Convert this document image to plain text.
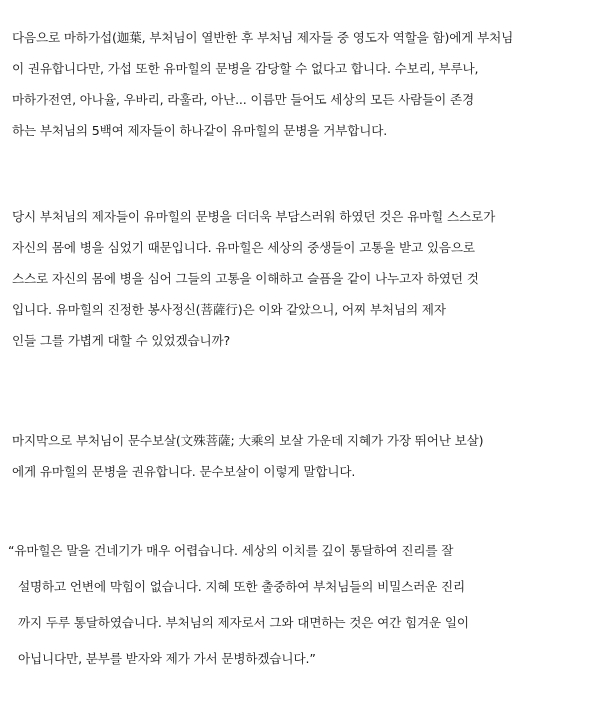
다음으로 마하가섭(迦葉, 부처님이 열반한 후 부처님 제자들 중 영도자 역할을 함)에게 부처님
이 권유합니다만, 가섭 또한 유마힐의 문병을 감당할 수 없다고 합니다. 수보리, 부루나,
마하가전연, 아나율, 우바리, 라훌라, 아난... 이름만 들어도 세상의 모든 사람들이 존경
하는 부처님의 5백여 제자들이 하나같이 유마힐의 문병을 거부합니다.
당시 부처님의 제자들이 유마힐의 문병을 더더욱 부담스러워 하였던 것은 유마힐 스스로가
자신의 몸에 병을 심었기 때문입니다. 유마힐은 세상의 중생들이 고통을 받고 있음으로
스스로 자신의 몸에 병을 심어 그들의 고통을 이해하고 슬픔을 같이 나누고자 하였던 것
입니다. 유마힐의 진정한 봉사정신(菩薩行)은 이와 같았으니, 어찌 부처님의 제자
인들 그를 가볍게 대할 수 있었겠습니까?
마지막으로 부처님이 문수보살(文殊菩薩; 大乘의 보살 가운데 지혜가 가장 뛰어난 보살)
에게 유마힐의 문병을 권유합니다. 문수보살이 이렇게 말합니다.
“유마힐은 말을 건네기가 매우 어렵습니다. 세상의 이치를 깊이 통달하여 진리를 잘
설명하고 언변에 막힘이 없습니다. 지혜 또한 출중하여 부처님들의 비밀스러운 진리
까지 두루 통달하였습니다. 부처님의 제자로서 그와 대면하는 것은 여간 힘겨운 일이
아닙니다만, 분부를 받자와 제가 가서 문병하겠습니다.”
